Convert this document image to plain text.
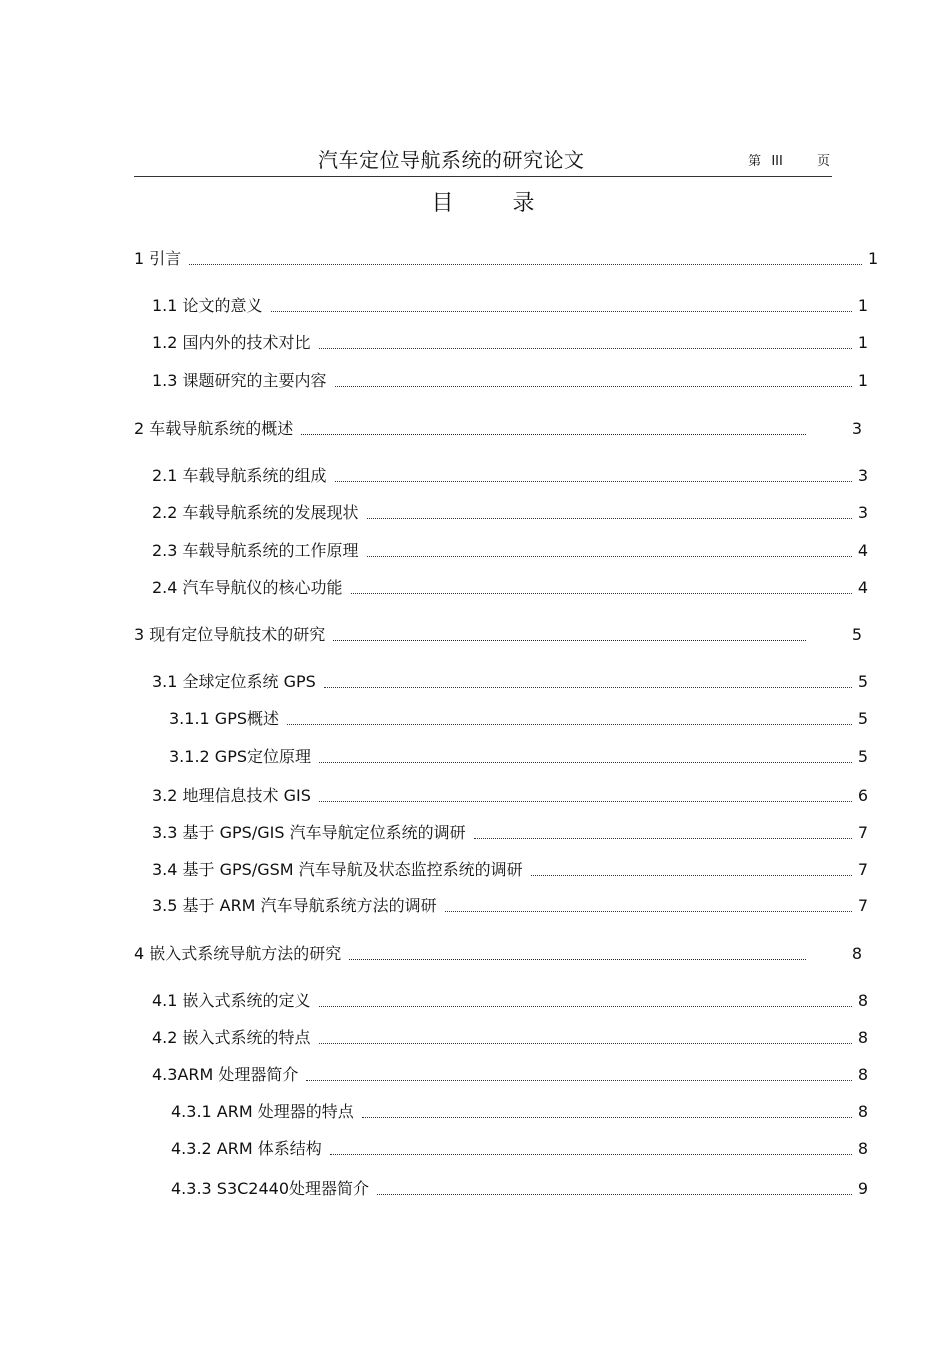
汽车定位导航系统的研究论文	第 III	页
目 录
1 引言	1
1.1 论文的意义	1
1.2 国内外的技术对比	1
1.3 课题研究的主要内容	1
2 车载导航系统的概述	3
2.1 车载导航系统的组成	3
2.2 车载导航系统的发展现状	3
2.3 车载导航系统的工作原理	4
2.4 汽车导航仪的核心功能	4
3 现有定位导航技术的研究	5
3.1 全球定位系统 GPS	5
3.1.1 GPS概述	5
3.1.2 GPS定位原理	5
3.2 地理信息技术 GIS	6
3.3 基于 GPS/GIS 汽车导航定位系统的调研	7
3.4 基于 GPS/GSM 汽车导航及状态监控系统的调研	7
3.5 基于 ARM 汽车导航系统方法的调研	7
4 嵌入式系统导航方法的研究	8
4.1 嵌入式系统的定义	8
4.2 嵌入式系统的特点	8
4.3ARM 处理器简介	8
4.3.1 ARM 处理器的特点	8
4.3.2 ARM 体系结构	8
4.3.3 S3C2440处理器简介	9
